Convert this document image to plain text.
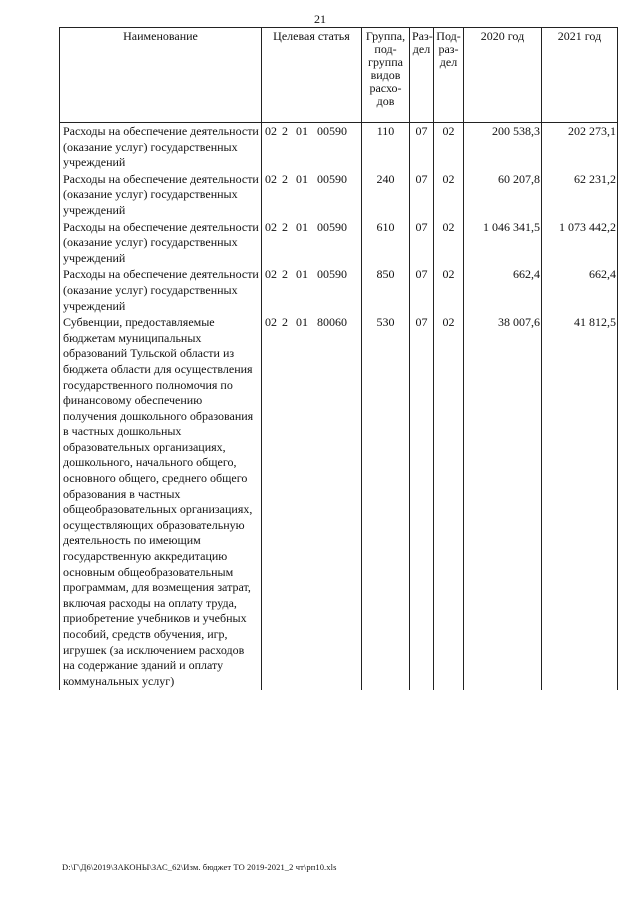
21
Наименование	Целевая статья	Группа, под- группа видов расхо- дов	Раз- дел	Под- раз- дел	2020 год	2021 год
Расходы на обеспечение деятельности (оказание услуг) государственных учреждений	02 2 01 00590	110	07	02	200 538,3	202 273,1
Расходы на обеспечение деятельности (оказание услуг) государственных учреждений	02 2 01 00590	240	07	02	60 207,8	62 231,2
Расходы на обеспечение деятельности (оказание услуг) государственных учреждений	02 2 01 00590	610	07	02	1 046 341,5	1 073 442,2
Расходы на обеспечение деятельности (оказание услуг) государственных учреждений	02 2 01 00590	850	07	02	662,4	662,4
Субвенции, предоставляемые бюджетам муниципальных образований Тульской области из бюджета области для осуществления государственного полномочия по финансовому обеспечению получения дошкольного образования в частных дошкольных образовательных организациях, дошкольного, начального общего, основного общего, среднего общего образования в частных общеобразовательных организациях, осуществляющих образовательную деятельность по имеющим государственную аккредитацию основным общеобразовательным программам, для возмещения затрат, включая расходы на оплату труда, приобретение учебников и учебных пособий, средств обучения, игр, игрушек (за исключением расходов на содержание зданий и оплату коммунальных услуг)	02 2 01 80060	530	07	02	38 007,6	41 812,5
D:\Г\Д6\2019\ЗАКОНЫ\ЗАС_62\Изм. бюджет ТО 2019-2021_2 чт\рп10.xls
